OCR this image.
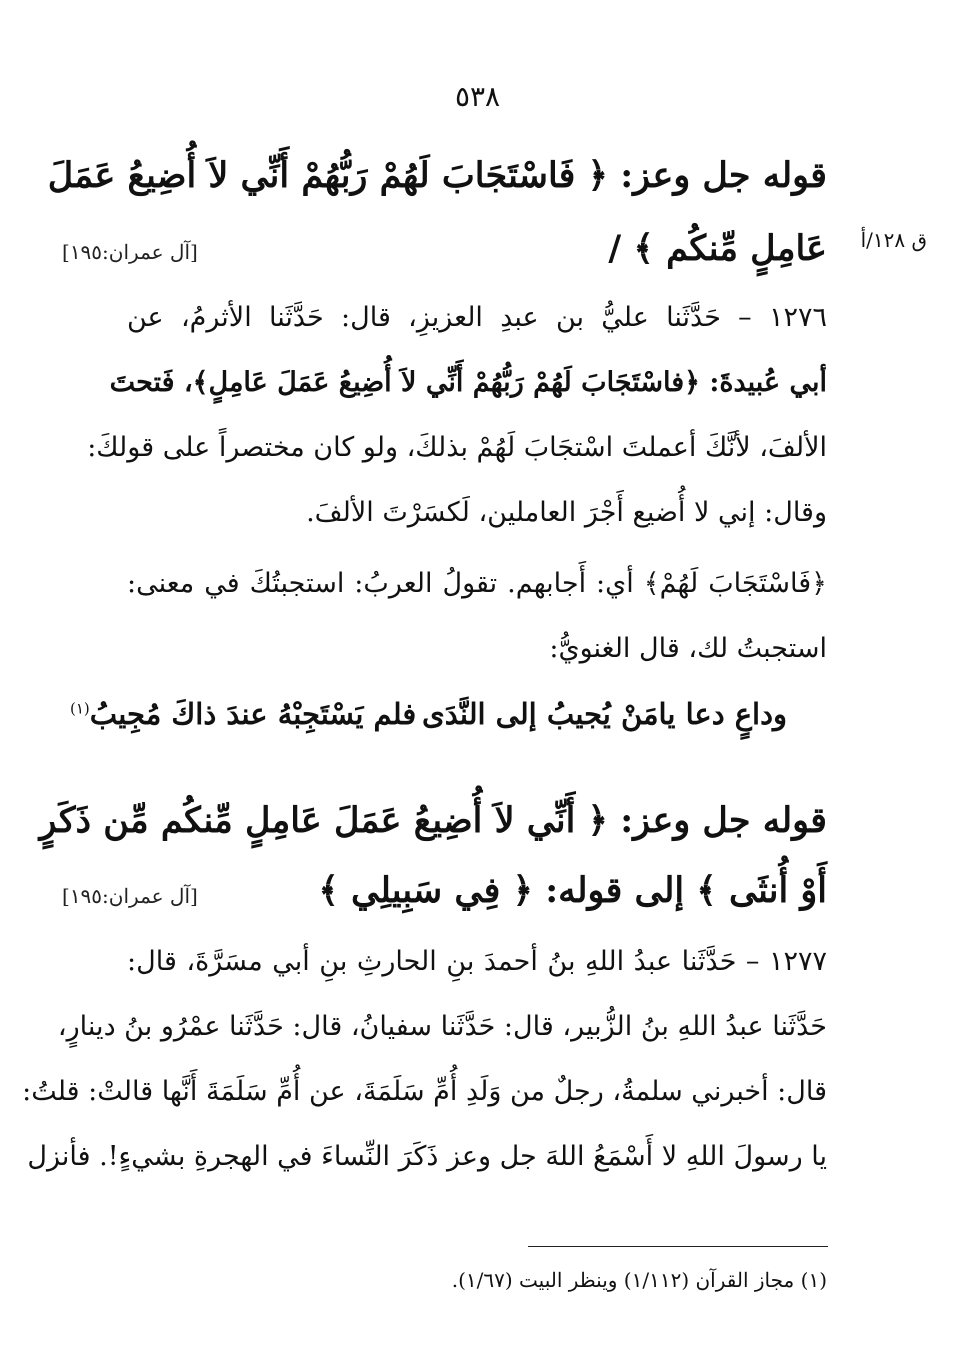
٥٣٨
قوله جل وعز: ﴿ فَاسْتَجَابَ لَهُمْ رَبُّهُمْ أَنِّي لاَ أُضِيعُ عَمَلَ
عَامِلٍ مِّنكُم ﴾ /
[آل عمران:١٩٥]	ق ١٢٨/أ
١٢٧٦ – حَدَّثَنا عليُّ بن عبدِ العزيزِ، قال: حَدَّثَنا الأثرمُ، عن
أبي عُبيدةَ: ﴿فاسْتَجَابَ لَهُمْ رَبُّهُمْ أَنِّي لاَ أُضِيعُ عَمَلَ عَامِلٍ﴾، فَتحتَ
الألفَ، لأنَّكَ أعملتَ اسْتجَابَ لَهُمْ بذلكَ، ولو كان مختصراً على قولكَ:
وقال: إني لا أُضيع أَجْرَ العاملين، لَكسَرْتَ الألفَ.
﴿فَاسْتَجَابَ لَهُمْ﴾ أي: أَجابهم. تقولُ العربُ: استجبتُكَ في معنى:
استجبتُ لك، قال الغنويُّ:
وداعٍ دعا يامَنْ يُجيبُ إلى النَّدَى
فلم يَسْتَجِبْهُ عندَ ذاكَ مُجِيبُ$^{(١)}$
قوله جل وعز: ﴿ أَنِّي لاَ أُضِيعُ عَمَلَ عَامِلٍ مِّنكُم مِّن ذَكَرٍ
أَوْ أُنثَى ﴾ إلى قوله: ﴿ فِي سَبِيلِي ﴾
[آل عمران:١٩٥]
١٢٧٧ – حَدَّثَنا عبدُ اللهِ بنُ أحمدَ بنِ الحارثِ بنِ أبي مسَرَّةَ، قال:
حَدَّثَنا عبدُ اللهِ بنُ الزُّبير، قال: حَدَّثَنا سفيانُ، قال: حَدَّثَنا عمْرُو بنُ دينارٍ،
قال: أخبرني سلمةُ، رجلٌ من وَلَدِ أُمِّ سَلَمَةَ، عن أُمِّ سَلَمَةَ أَنَّها قالتْ: قلتُ:
يا رسولَ اللهِ لا أَسْمَعُ اللهَ جل وعز ذَكَرَ النِّساءَ في الهجرةِ بشيءٍ!. فأنزل
(١) مجاز القرآن (١/١١٢) وينظر البيت (١/٦٧).
